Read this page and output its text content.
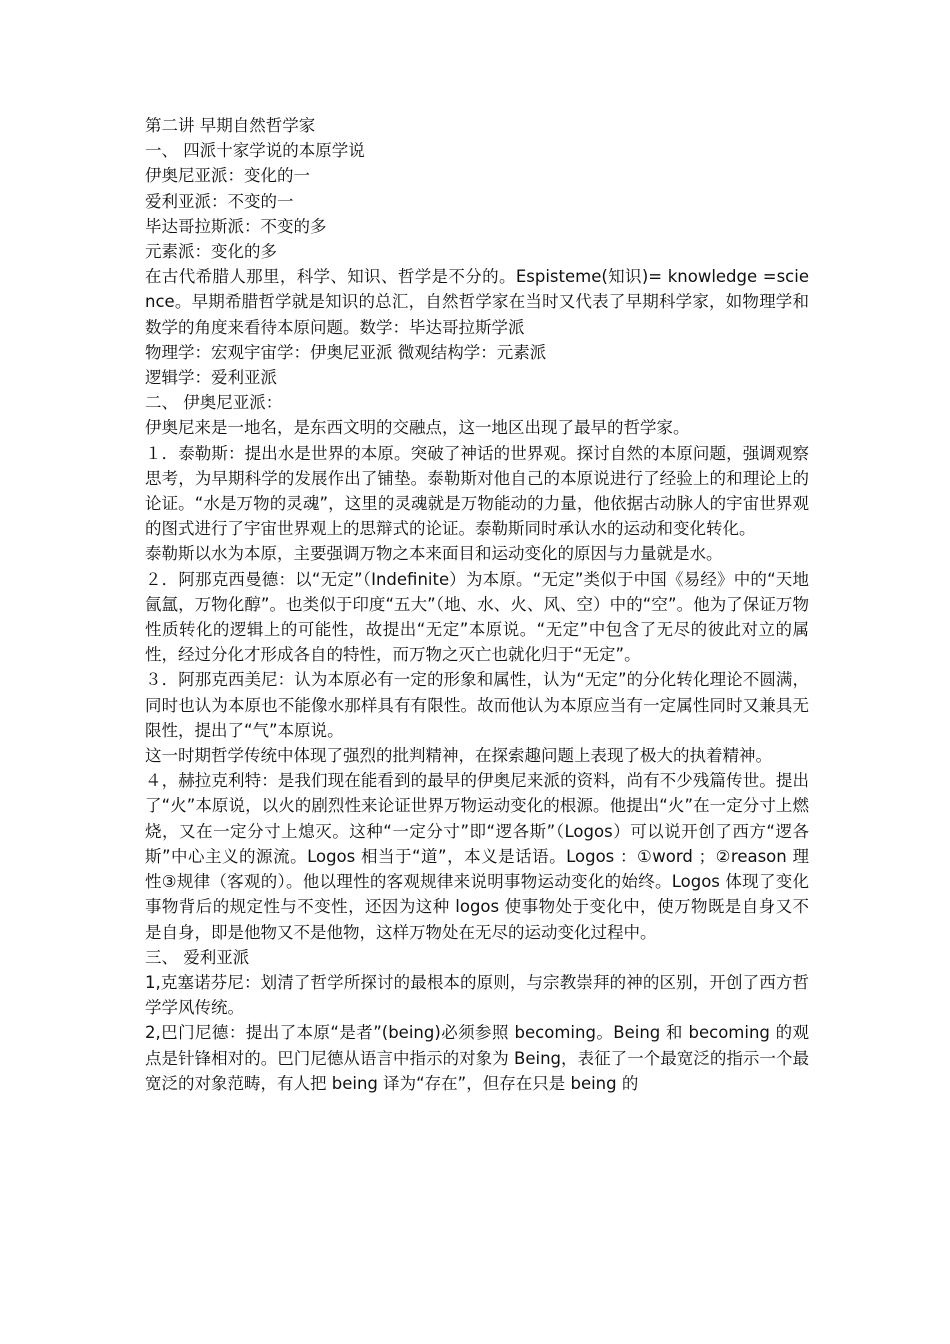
第二讲 早期自然哲学家

一、 四派十家学说的本原学说

伊奥尼亚派：变化的一

爱利亚派：不变的一

毕达哥拉斯派：不变的多

元素派：变化的多

在古代希腊人那里，科学、知识、哲学是不分的。Espisteme(知识)= knowledge =science。早期希腊哲学就是知识的总汇，自然哲学家在当时又代表了早期科学家，如物理学和数学的角度来看待本原问题。数学：毕达哥拉斯学派

物理学：宏观宇宙学：伊奥尼亚派 微观结构学：元素派

逻辑学：爱利亚派

二、 伊奥尼亚派：

伊奥尼来是一地名，是东西文明的交融点，这一地区出现了最早的哲学家。

１．泰勒斯：提出水是世界的本原。突破了神话的世界观。探讨自然的本原问题，强调观察思考，为早期科学的发展作出了铺垫。泰勒斯对他自己的本原说进行了经验上的和理论上的论证。“水是万物的灵魂”，这里的灵魂就是万物能动的力量，他依据古动脉人的宇宙世界观的图式进行了宇宙世界观上的思辩式的论证。泰勒斯同时承认水的运动和变化转化。

泰勒斯以水为本原，主要强调万物之本来面目和运动变化的原因与力量就是水。

２．阿那克西曼德：以“无定”（Indefinite）为本原。“无定”类似于中国《易经》中的“天地氤氲，万物化醇”。也类似于印度“五大”（地、水、火、风、空）中的“空”。他为了保证万物性质转化的逻辑上的可能性，故提出“无定”本原说。“无定”中包含了无尽的彼此对立的属性，经过分化才形成各自的特性，而万物之灭亡也就化归于“无定”。

３．阿那克西美尼：认为本原必有一定的形象和属性，认为“无定”的分化转化理论不圆满，同时也认为本原也不能像水那样具有有限性。故而他认为本原应当有一定属性同时又兼具无限性，提出了“气”本原说。

这一时期哲学传统中体现了强烈的批判精神，在探索趣问题上表现了极大的执着精神。

４，赫拉克利特：是我们现在能看到的最早的伊奥尼来派的资料，尚有不少残篇传世。提出了“火”本原说，以火的剧烈性来论证世界万物运动变化的根源。他提出“火”在一定分寸上燃烧，又在一定分寸上熄灭。这种“一定分寸”即“逻各斯”（Logos）可以说开创了西方“逻各斯”中心主义的源流。Logos 相当于“道”，本义是话语。Logos ：①word ；②reason 理性③规律（客观的）。他以理性的客观规律来说明事物运动变化的始终。Logos 体现了变化事物背后的规定性与不变性，还因为这种 logos 使事物处于变化中，使万物既是自身又不是自身，即是他物又不是他物，这样万物处在无尽的运动变化过程中。

三、 爱利亚派

1,克塞诺芬尼：划清了哲学所探讨的最根本的原则，与宗教崇拜的神的区别，开创了西方哲学学风传统。

2,巴门尼德：提出了本原“是者”(being)必须参照 becoming。Being 和 becoming 的观点是针锋相对的。巴门尼德从语言中指示的对象为 Being，表征了一个最宽泛的指示一个最宽泛的对象范畴，有人把 being 译为“存在”，但存在只是 being 的
